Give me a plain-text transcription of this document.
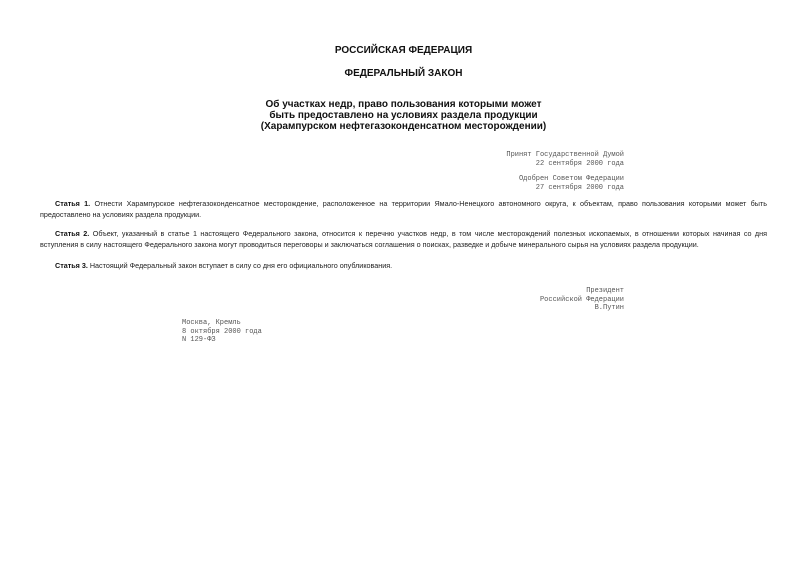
РОССИЙСКАЯ ФЕДЕРАЦИЯ
ФЕДЕРАЛЬНЫЙ ЗАКОН
Об участках недр, право пользования которыми может
быть предоставлено на условиях раздела продукции
(Харампурском нефтегазоконденсатном месторождении)
Принят Государственной Думой
22 сентября 2000 года
Одобрен Советом Федерации
27 сентября 2000 года
Статья 1. Отнести Харампурское нефтегазоконденсатное месторождение, расположенное на территории Ямало-Ненецкого автономного округа, к объектам, право пользования которыми может быть предоставлено на условиях раздела продукции.
Статья 2. Объект, указанный в статье 1 настоящего Федерального закона, относится к перечню участков недр, в том числе месторождений полезных ископаемых, в отношении которых начиная со дня вступления в силу настоящего Федерального закона могут проводиться переговоры и заключаться соглашения о поисках, разведке и добыче минерального сырья на условиях раздела продукции.
Статья 3. Настоящий Федеральный закон вступает в силу со дня его официального опубликования.
Президент
Российской Федерации
В.Путин
Москва, Кремль
8 октября 2000 года
N 129-ФЗ
